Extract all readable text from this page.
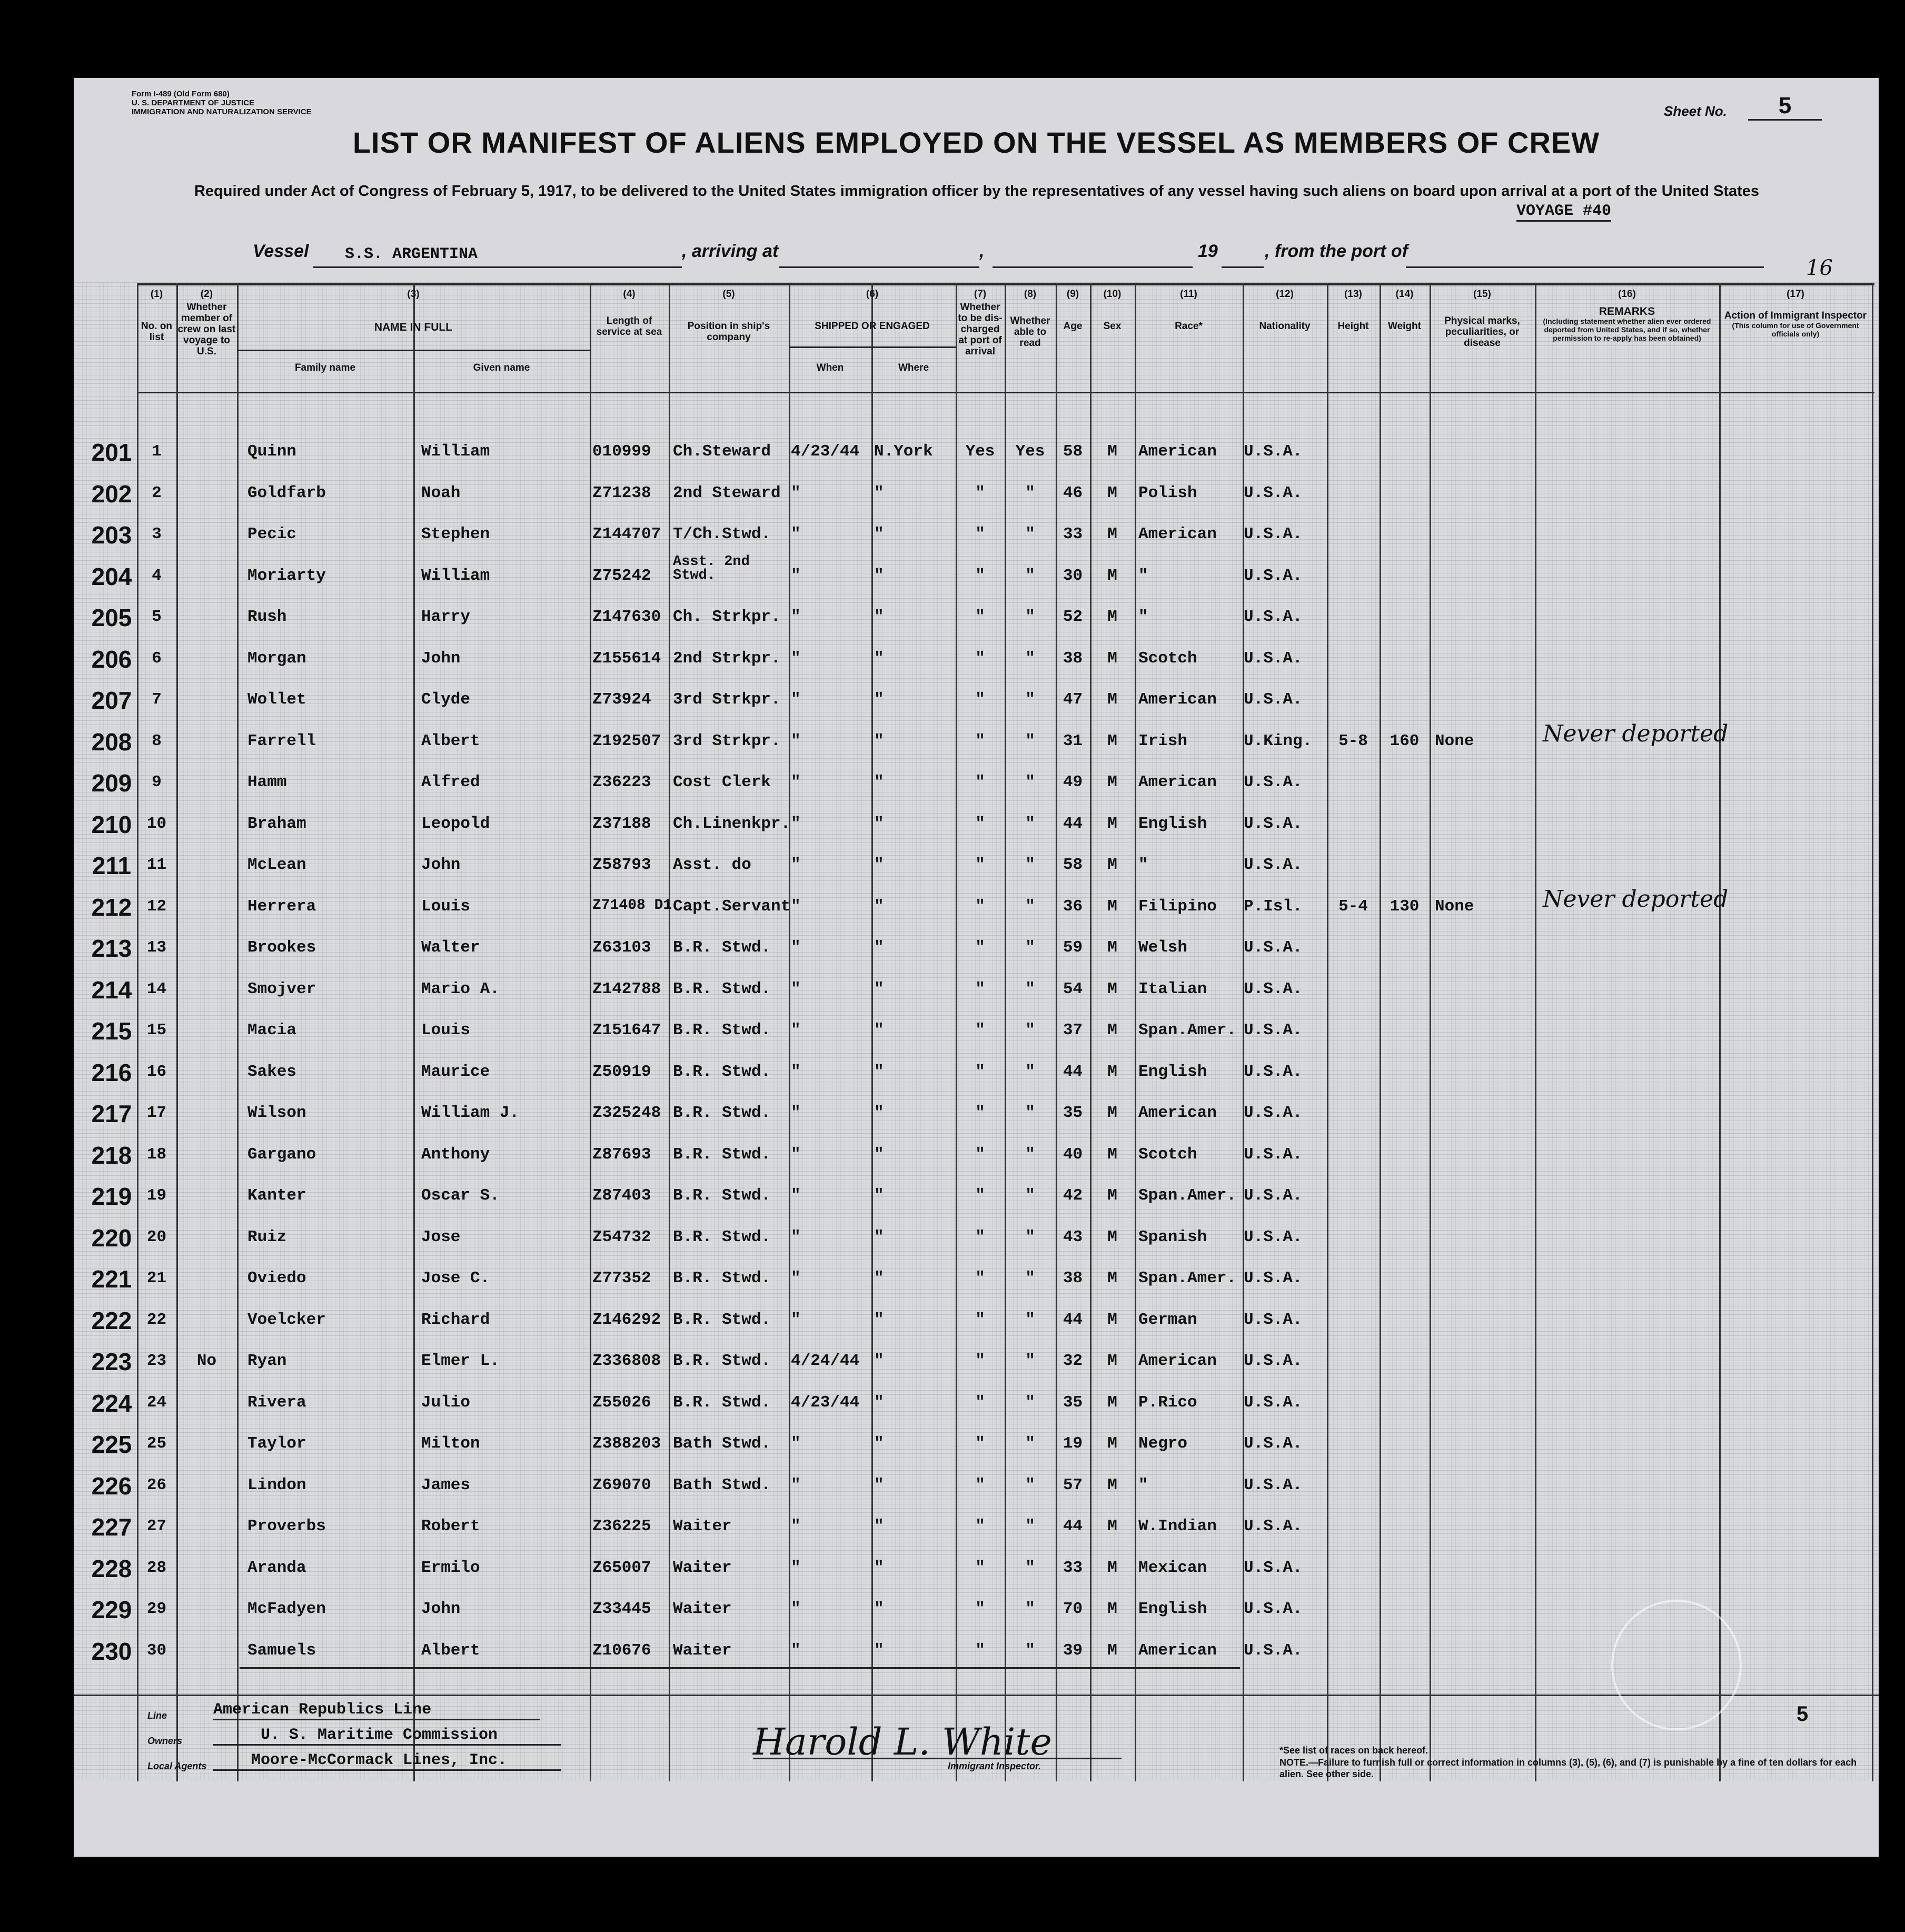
Form I-489 (Old Form 680)
U. S. DEPARTMENT OF JUSTICE
IMMIGRATION AND NATURALIZATION SERVICE	Sheet No.	5
LIST OR MANIFEST OF ALIENS EMPLOYED ON THE VESSEL AS MEMBERS OF CREW
Required under Act of Congress of February 5, 1917, to be delivered to the United States immigration officer by the representatives of any vessel having such aliens on board upon arrival at a port of the United States
VOYAGE #40
Vessel	S.S. ARGENTINA	, arriving at	,	19	, from the port of
16
(1)
No. on list
(2)
Whether member of crew on last voyage to U.S.
(3)
NAME IN FULL
Family name	Given name
(4)
Length of service at sea
(5)
Position in ship's company
(6)
SHIPPED OR ENGAGED
When	Where
(7)
Whether to be dis-charged at port of arrival
(8)
Whether able to read
(9)
Age
(10)
Sex
(11)
Race*
(12)
Nationality
(13)
Height
(14)
Weight
(15)
Physical marks, peculiarities, or disease
(16)
REMARKS
(Including statement whether alien ever ordered deported from United States, and if so, whether permission to re-apply has been obtained)
(17)
Action of Immigrant Inspector
(This column for use of Government officials only)
201	1	Quinn	William	010999	Ch.Steward	4/23/44 N.York	Yes	Yes	58	M	American	U.S.A.
202	2	Goldfarb	Noah	Z71238	2nd Steward "	"	"	"	46	M	Polish	U.S.A.
203	3	Pecic	Stephen	Z144707 T/Ch.Stwd.	"	"	"	"	33	M	American	U.S.A.
204	4	Moriarty	William	Z75242
Asst. 2nd Stwd.	"	"	"	"	30	M	"	U.S.A.
205	5	Rush	Harry	Z147630 Ch. Strkpr. "	"	"	"	52	M	"	U.S.A.
206	6	Morgan	John	Z155614 2nd Strkpr. "	"	"	"	38	M	Scotch	U.S.A.
207	7	Wollet	Clyde	Z73924	3rd Strkpr. "	"	"	"	47	M	American	U.S.A.
208	8	Farrell	Albert	Z192507 3rd Strkpr. "	"	"	"	31	M	Irish	U.King.	5-8	160 None	Never deported
209	9	Hamm	Alfred	Z36223	Cost Clerk	"	"	"	"	49	M	American	U.S.A.
210 10	Braham	Leopold	Z37188	Ch.Linenkpr. "	"	"	"	44	M	English	U.S.A.
211 11	McLean	John	Z58793	Asst. do	"	"	"	"	58	M	"	U.S.A.
212 12	Herrera	Louis	Z71408 D1 Capt.Servant "	"	"	"	36	M	Filipino	P.Isl.	5-4	130 None	Never deported
213 13	Brookes	Walter	Z63103	B.R. Stwd.	"	"	"	"	59	M	Welsh	U.S.A.
214 14	Smojver	Mario A.	Z142788 B.R. Stwd.	"	"	"	"	54	M	Italian	U.S.A.
215 15	Macia	Louis	Z151647 B.R. Stwd.	"	"	"	"	37	M	Span.Amer. U.S.A.
216 16	Sakes	Maurice	Z50919	B.R. Stwd.	"	"	"	"	44	M	English	U.S.A.
217 17	Wilson	William J.	Z325248 B.R. Stwd.	"	"	"	"	35	M	American	U.S.A.
218 18	Gargano	Anthony	Z87693	B.R. Stwd.	"	"	"	"	40	M	Scotch	U.S.A.
219 19	Kanter	Oscar S.	Z87403	B.R. Stwd.	"	"	"	"	42	M	Span.Amer. U.S.A.
220 20	Ruiz	Jose	Z54732	B.R. Stwd.	"	"	"	"	43	M	Spanish	U.S.A.
221 21	Oviedo	Jose C.	Z77352	B.R. Stwd.	"	"	"	"	38	M	Span.Amer. U.S.A.
222 22	Voelcker	Richard	Z146292 B.R. Stwd.	"	"	"	"	44	M	German	U.S.A.
223 23	No	Ryan	Elmer L.	Z336808 B.R. Stwd.	4/24/44 "	"	"	32	M	American	U.S.A.
224 24	Rivera	Julio	Z55026	B.R. Stwd.	4/23/44 "	"	"	35	M	P.Rico	U.S.A.
225 25	Taylor	Milton	Z388203 Bath Stwd.	"	"	"	"	19	M	Negro	U.S.A.
226 26	Lindon	James	Z69070	Bath Stwd.	"	"	"	"	57	M	"	U.S.A.
227 27	Proverbs	Robert	Z36225	Waiter	"	"	"	"	44	M	W.Indian	U.S.A.
228 28	Aranda	Ermilo	Z65007	Waiter	"	"	"	"	33	M	Mexican	U.S.A.
229 29	McFadyen	John	Z33445	Waiter	"	"	"	"	70	M	English	U.S.A.
230 30	Samuels	Albert	Z10676	Waiter	"	"	"	"	39	M	American	U.S.A.
Line	American Republics Line
Owners	U. S. Maritime Commission
Local Agents	Moore-McCormack Lines, Inc.	Harold L. White
Immigrant Inspector.
*See list of races on back hereof.
NOTE.—Failure to furnish full or correct information in columns (3), (5), (6), and (7) is punishable by a fine of ten dollars for each alien. See other side.
5
